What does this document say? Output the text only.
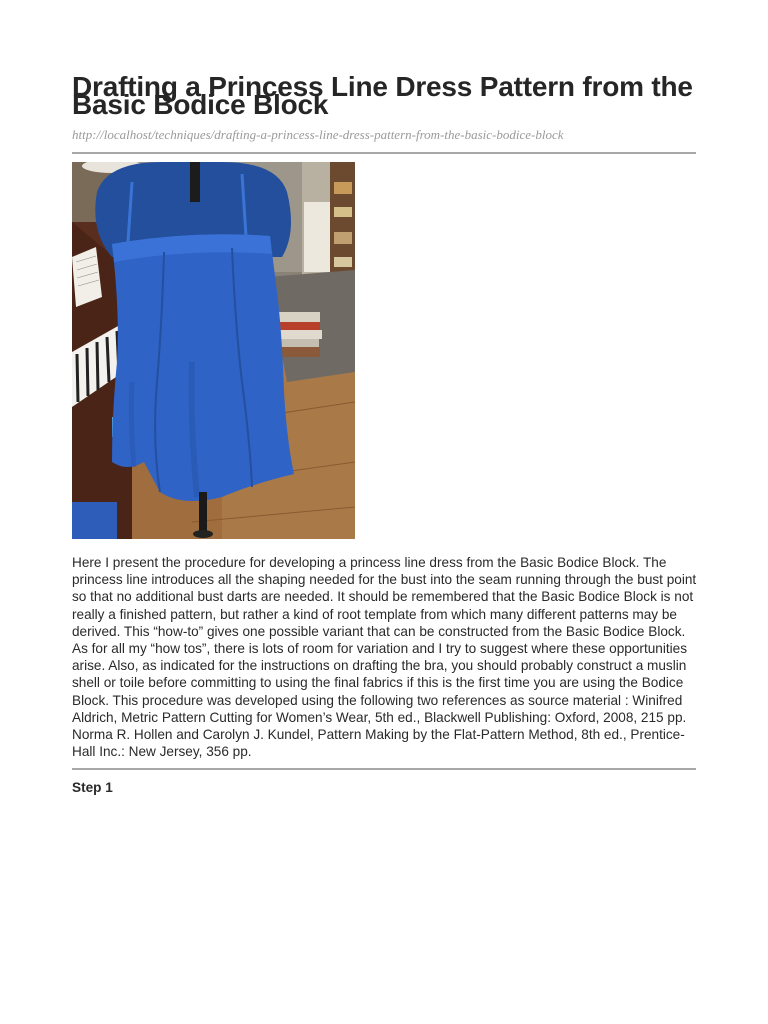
Drafting a Princess Line Dress Pattern from the Basic Bodice Block
http://localhost/techniques/drafting-a-princess-line-dress-pattern-from-the-basic-bodice-block

Here I present the procedure for developing a princess line dress from the Basic Bodice Block. The princess line introduces all the shaping needed for the bust into the seam running through the bust point so that no additional bust darts are needed. It should be remembered that the Basic Bodice Block is not really a finished pattern, but rather a kind of root template from which many different patterns may be derived. This “how-to” gives one possible variant that can be constructed from the Basic Bodice Block. As for all my “how tos”, there is lots of room for variation and I try to suggest where these opportunities arise. Also, as indicated for the instructions on drafting the bra, you should probably construct a muslin shell or toile before committing to using the final fabrics if this is the first time you are using the Bodice Block. This procedure was developed using the following two references as source material : Winifred Aldrich, Metric Pattern Cutting for Women’s Wear, 5th ed., Blackwell Publishing: Oxford, 2008, 215 pp. Norma R. Hollen and Carolyn J. Kundel, Pattern Making by the Flat-Pattern Method, 8th ed., Prentice-Hall Inc.: New Jersey, 356 pp.

Step 1
